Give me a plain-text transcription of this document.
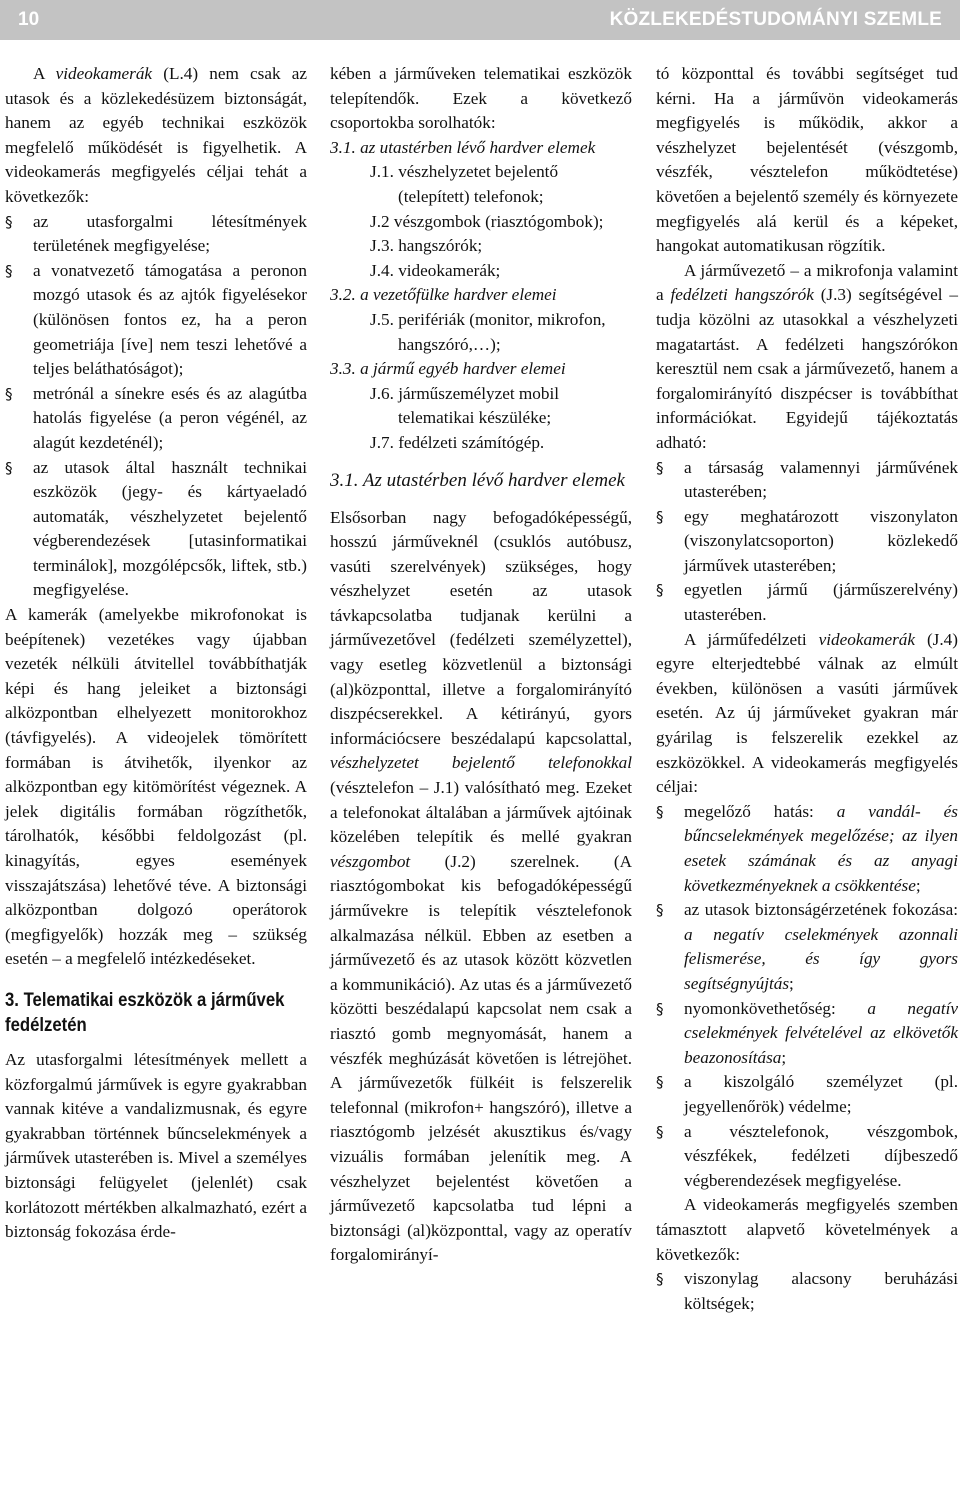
10	KÖZLEKEDÉSTUDOMÁNYI SZEMLE

A videokamerák (L.4) nem csak az utasok és a közlekedésüzem biztonságát, hanem az egyéb technikai eszközök megfelelő működését is figyelhetik. A videokamerás megfigyelés céljai tehát a következők:

§ az utasforgalmi létesítmények területének megfigyelése;
§ a vonatvezető támogatása a peronon mozgó utasok és az ajtók figyelésekor (különösen fontos ez, ha a peron geometriája [íve] nem teszi lehetővé a teljes beláthatóságot);
§ metrónál a sínekre esés és az alagútba hatolás figyelése (a peron végénél, az alagút kezdeténél);
§ az utasok által használt technikai eszközök (jegy- és kártyaeladó automaták, vészhelyzetet bejelentő végberendezések [utasinformatikai terminálok], mozgólépcsők, liftek, stb.) megfigyelése.

A kamerák (amelyekbe mikrofonokat is beépítenek) vezetékes vagy újabban vezeték nélküli átvitellel továbbíthatják képi és hang jeleiket a biztonsági alközpontban elhelyezett monitorokhoz (távfigyelés). A videojelek tömörített formában is átvihetők, ilyenkor az alközpontban egy kitömörítést végeznek. A jelek digitális formában rögzíthetők, tárolhatók, későbbi feldolgozást (pl. kinagyítás, egyes események visszajátszása) lehetővé téve. A biztonsági alközpontban dolgozó operátorok (megfigyelők) hozzák meg – szükség esetén – a megfelelő intézkedéseket.

3. Telematikai eszközök a járművek fedélzetén

Az utasforgalmi létesítmények mellett a közforgalmú járművek is egyre gyakrabban vannak kitéve a vandalizmusnak, és egyre gyakrabban történnek bűncselekmények a járművek utasterében is. Mivel a személyes biztonsági felügyelet (jelenlét) csak korlátozott mértékben alkalmazható, ezért a biztonság fokozása érde-

kében a járműveken telematikai eszközök telepítendők. Ezek a következő csoportokba sorolhatók:

3.1. az utastérben lévő hardver elemek
J.1. vészhelyzetet bejelentő (telepített) telefonok;
J.2 vészgombok (riasztógombok);
J.3. hangszórók;
J.4. videokamerák;
3.2. a vezetőfülke hardver elemei
J.5. perifériák (monitor, mikrofon, hangszóró,…);
3.3. a jármű egyéb hardver elemei
J.6. járműszemélyzet mobil telematikai készüléke;
J.7. fedélzeti számítógép.
3.1. Az utastérben lévő hardver elemek

Elsősorban nagy befogadóképességű, hosszú járműveknél (csuklós autóbusz, vasúti szerelvények) szükséges, hogy vészhelyzet esetén az utasok távkapcsolatba tudjanak kerülni a járművezetővel (fedélzeti személyzettel), vagy esetleg közvetlenül a biztonsági (al)központtal, illetve a forgalomirányító diszpécserekkel. A kétirányú, gyors információcsere beszédalapú kapcsolattal, vészhelyzetet bejelentő telefonokkal (vésztelefon – J.1) valósítható meg. Ezeket a telefonokat általában a járművek ajtóinak közelében telepítik és mellé gyakran vészgombot (J.2) szerelnek. (A riasztógombokat kis befogadóképességű járművekre is telepítik vésztelefonok alkalmazása nélkül. Ebben az esetben a járművezető és az utasok között közvetlen a kommunikáció). Az utas és a járművezető közötti beszédalapú kapcsolat nem csak a riasztó gomb megnyomását, hanem a vészfék meghúzását követően is létrejöhet. A járművezetők fülkéit is felszerelik telefonnal (mikrofon+ hangszóró), illetve a riasztógomb jelzését akusztikus és/vagy vizuális formában jelenítik meg. A vészhelyzet bejelentést követően a járművezető kapcsolatba tud lépni a biztonsági (al)központtal, vagy az operatív forgalomirányí-

tó központtal és további segítséget tud kérni. Ha a járművön videokamerás megfigyelés is működik, akkor a vészhelyzet bejelentését (vészgomb, vészfék, vésztelefon működtetése) követően a bejelentő személy és környezete megfigyelés alá kerül és a képeket, hangokat automatikusan rögzítik.

A járművezető – a mikrofonja valamint a fedélzeti hangszórók (J.3) segítségével – tudja közölni az utasokkal a vészhelyzeti magatartást. A fedélzeti hangszórókon keresztül nem csak a járművezető, hanem a forgalomirányító diszpécser is továbbíthat információkat. Egyidejű tájékoztatás adható:

§ a társaság valamennyi járművének utasterében;
§ egy meghatározott viszonylaton (viszonylatcsoporton) közlekedő járművek utasterében;
§ egyetlen jármű (járműszerelvény) utasterében.

A járműfedélzeti videokamerák (J.4) egyre elterjedtebbé válnak az elmúlt években, különösen a vasúti járművek esetén. Az új járműveket gyakran már gyárilag is felszerelik ezekkel az eszközökkel. A videokamerás megfigyelés céljai:

§ megelőző hatás: a vandál- és bűncselekmények megelőzése; az ilyen esetek számának és az anyagi következményeknek a csökkentése;
§ az utasok biztonságérzetének fokozása: a negatív cselekmények azonnali felismerése, és így gyors segítségnyújtás;
§ nyomonkövethetőség: a negatív cselekmények felvételével az elkövetők beazonosítása;
§ a kiszolgáló személyzet (pl. jegyellenőrök) védelme;
§ a vésztelefonok, vészgombok, vészfékek, fedélzeti díjbeszedő végberendezések megfigyelése.

A videokamerás megfigyelés szemben támasztott alapvető követelmények a következők:

§ viszonylag alacsony beruházási költségek;
